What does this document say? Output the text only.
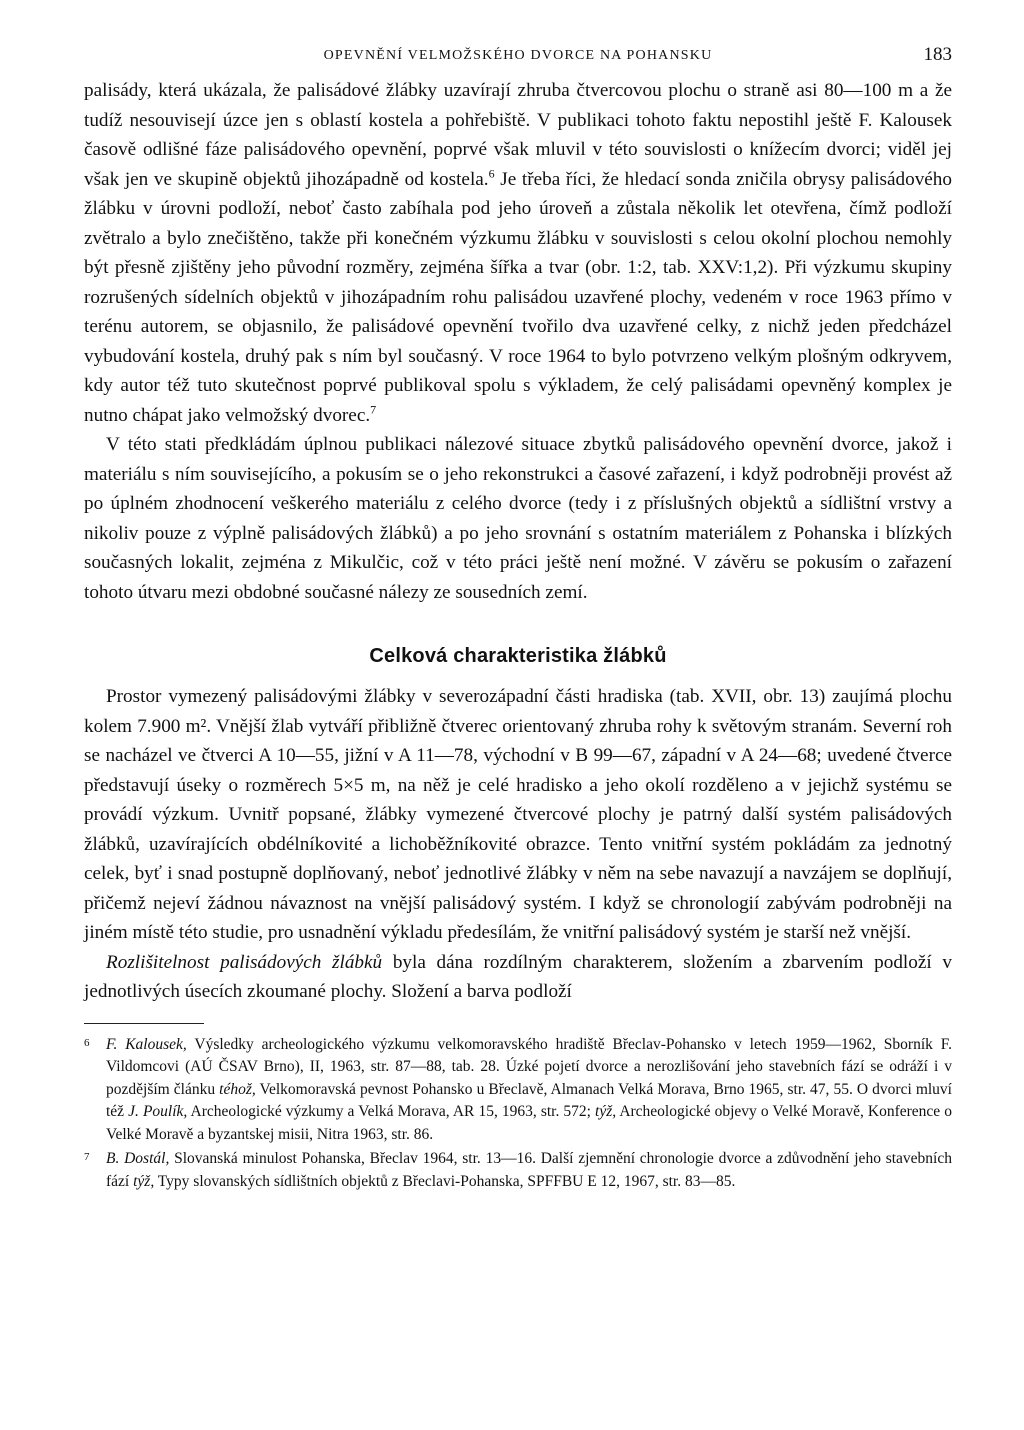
OPEVNĚNÍ VELMOŽSKÉHO DVORCE NA POHANSKU	183

palisády, která ukázala, že palisádové žlábky uzavírají zhruba čtvercovou plochu o straně asi 80—100 m a že tudíž nesouvisejí úzce jen s oblastí kostela a pohřebiště. V publikaci tohoto faktu nepostihl ještě F. Kalousek časově odlišné fáze palisádového opevnění, poprvé však mluvil v této souvislosti o knížecím dvorci; viděl jej však jen ve skupině objektů jihozápadně od kostela.$^6$ Je třeba říci, že hledací sonda zničila obrysy palisádového žlábku v úrovni podloží, neboť často zabíhala pod jeho úroveň a zůstala několik let otevřena, čímž podloží zvětralo a bylo znečištěno, takže při konečném výzkumu žlábku v souvislosti s celou okolní plochou nemohly být přesně zjištěny jeho původní rozměry, zejména šířka a tvar (obr. 1:2, tab. XXV:1,2). Při výzkumu skupiny rozrušených sídelních objektů v jihozápadním rohu palisádou uzavřené plochy, vedeném v roce 1963 přímo v terénu autorem, se objasnilo, že palisádové opevnění tvořilo dva uzavřené celky, z nichž jeden předcházel vybudování kostela, druhý pak s ním byl současný. V roce 1964 to bylo potvrzeno velkým plošným odkryvem, kdy autor též tuto skutečnost poprvé publikoval spolu s výkladem, že celý palisádami opevněný komplex je nutno chápat jako velmožský dvorec.$^7$

V této stati předkládám úplnou publikaci nálezové situace zbytků palisádového opevnění dvorce, jakož i materiálu s ním souvisejícího, a pokusím se o jeho rekonstrukci a časové zařazení, i když podrobněji provést až po úplném zhodnocení veškerého materiálu z celého dvorce (tedy i z příslušných objektů a sídlištní vrstvy a nikoliv pouze z výplně palisádových žlábků) a po jeho srovnání s ostatním materiálem z Pohanska i blízkých současných lokalit, zejména z Mikulčic, což v této práci ještě není možné. V závěru se pokusím o zařazení tohoto útvaru mezi obdobné současné nálezy ze sousedních zemí.

Celková charakteristika žlábků

Prostor vymezený palisádovými žlábky v severozápadní části hradiska (tab. XVII, obr. 13) zaujímá plochu kolem 7.900 m². Vnější žlab vytváří přibližně čtverec orientovaný zhruba rohy k světovým stranám. Severní roh se nacházel ve čtverci A 10—55, jižní v A 11—78, východní v B 99—67, západní v A 24—68; uvedené čtverce představují úseky o rozměrech 5×5 m, na něž je celé hradisko a jeho okolí rozděleno a v jejichž systému se provádí výzkum. Uvnitř popsané, žlábky vymezené čtvercové plochy je patrný další systém palisádových žlábků, uzavírajících obdélníkovité a lichoběžníkovité obrazce. Tento vnitřní systém pokládám za jednotný celek, byť i snad postupně doplňovaný, neboť jednotlivé žlábky v něm na sebe navazují a navzájem se doplňují, přičemž nejeví žádnou návaznost na vnější palisádový systém. I když se chronologií zabývám podrobněji na jiném místě této studie, pro usnadnění výkladu předesílám, že vnitřní palisádový systém je starší než vnější.

Rozlišitelnost palisádových žlábků byla dána rozdílným charakterem, složením a zbarvením podloží v jednotlivých úsecích zkoumané plochy. Složení a barva podloží

6 F. Kalousek, Výsledky archeologického výzkumu velkomoravského hradiště Břeclav-Pohansko v letech 1959—1962, Sborník F. Vildomcovi (AÚ ČSAV Brno), II, 1963, str. 87—88, tab. 28. Úzké pojetí dvorce a nerozlišování jeho stavebních fází se odráží i v pozdějším článku téhož, Velkomoravská pevnost Pohansko u Břeclavě, Almanach Velká Morava, Brno 1965, str. 47, 55. O dvorci mluví též J. Poulík, Archeologické výzkumy a Velká Morava, AR 15, 1963, str. 572; týž, Archeologické objevy o Velké Moravě, Konference o Velké Moravě a byzantskej misii, Nitra 1963, str. 86.

7 B. Dostál, Slovanská minulost Pohanska, Břeclav 1964, str. 13—16. Další zjemnění chronologie dvorce a zdůvodnění jeho stavebních fází týž, Typy slovanských sídlištních objektů z Břeclavi-Pohanska, SPFFBU E 12, 1967, str. 83—85.
